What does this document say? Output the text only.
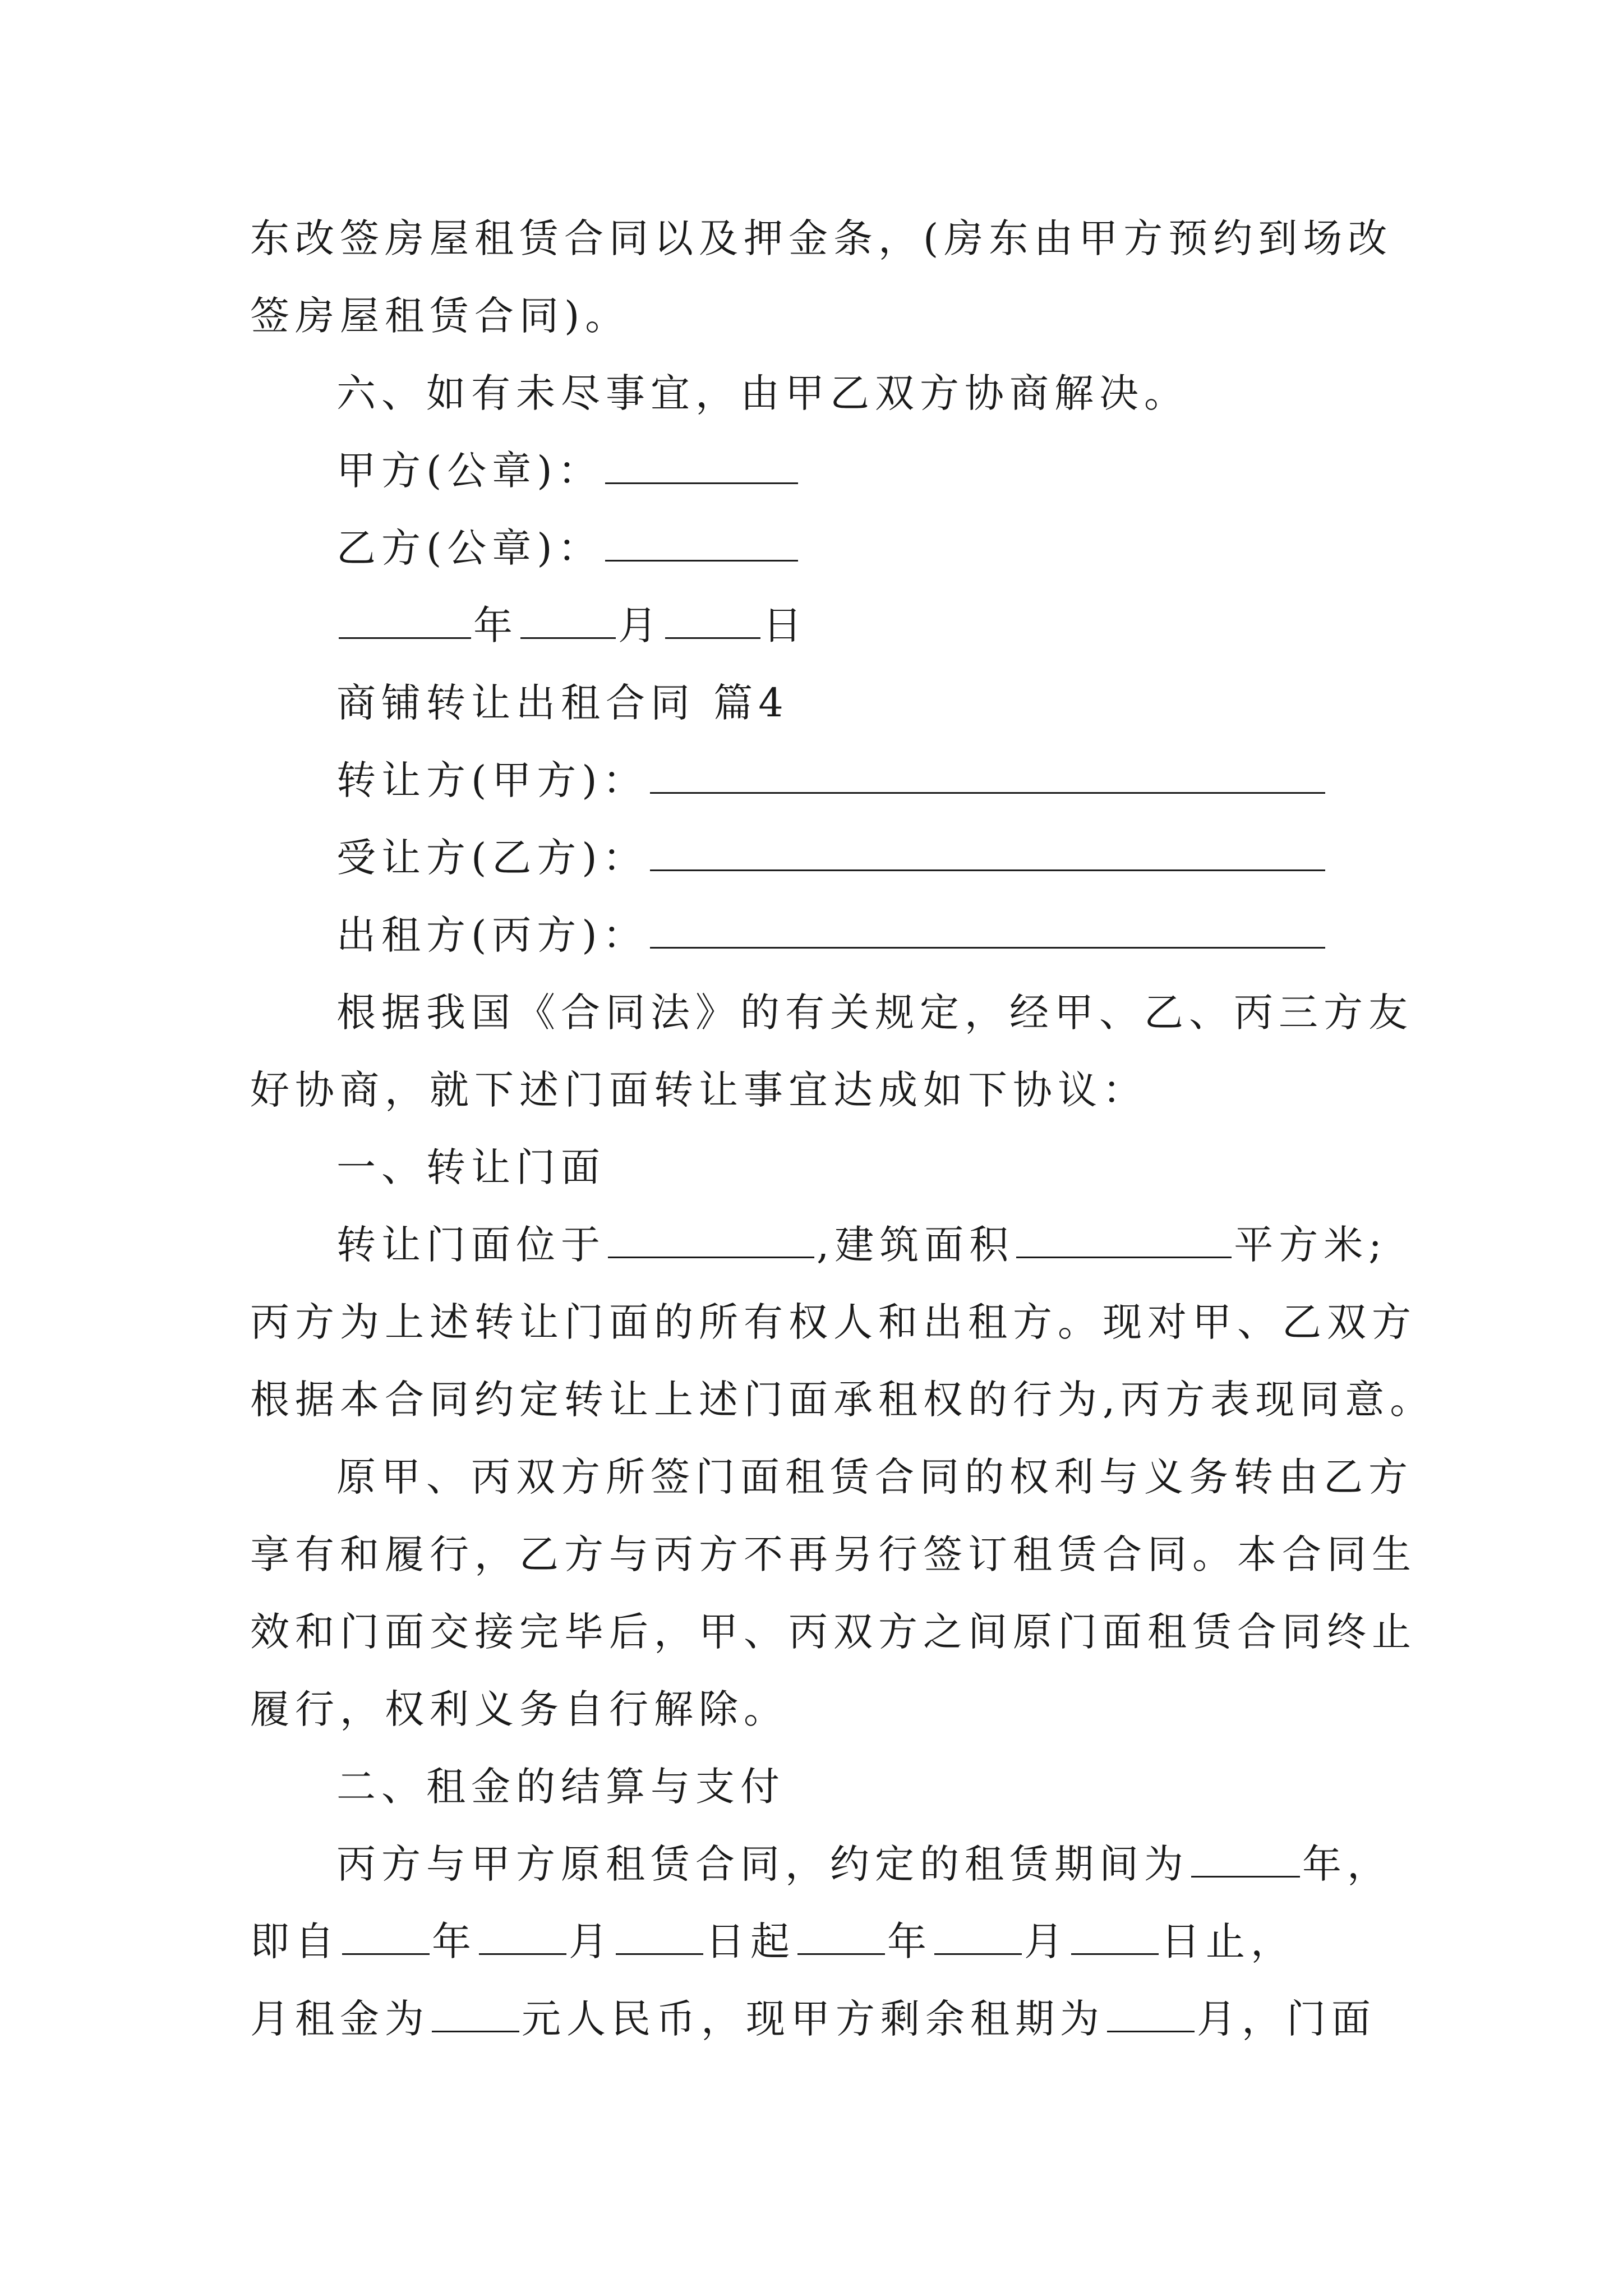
东改签房屋租赁合同以及押金条，(房东由甲方预约到场改
签房屋租赁合同)。
六、如有未尽事宜，由甲乙双方协商解决。
甲方(公章)：
乙方(公章)：
年	月	日
商铺转让出租合同 篇4
转让方(甲方)：
受让方(乙方)：
出租方(丙方)：
根据我国《合同法》的有关规定，经甲、乙、丙三方友
好协商，就下述门面转让事宜达成如下协议：
一、转让门面
转让门面位于	,建筑面积	平方米;
丙方为上述转让门面的所有权人和出租方。现对甲、乙双方
根据本合同约定转让上述门面承租权的行为,丙方表现同意。
原甲、丙双方所签门面租赁合同的权利与义务转由乙方
享有和履行，乙方与丙方不再另行签订租赁合同。本合同生
效和门面交接完毕后，甲、丙双方之间原门面租赁合同终止
履行，权利义务自行解除。
二、租金的结算与支付
丙方与甲方原租赁合同，约定的租赁期间为	年，
即自 年 月 日起 年 月 日止，
月租金为 元人民币，现甲方剩余租期为 月，门面
